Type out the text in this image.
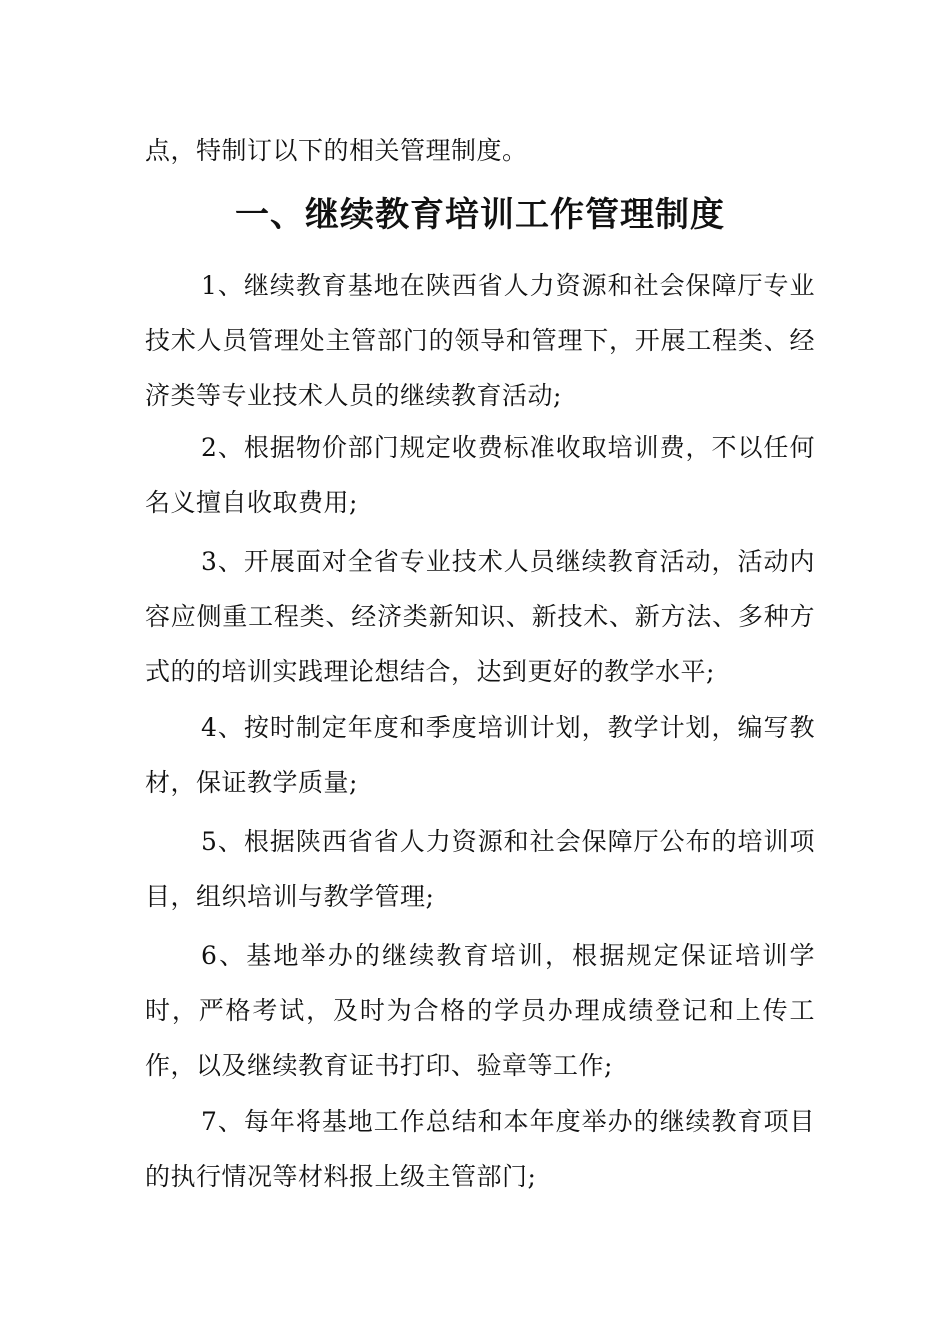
点，特制订以下的相关管理制度。
一、继续教育培训工作管理制度
1、继续教育基地在陕西省人力资源和社会保障厅专业技术人员管理处主管部门的领导和管理下，开展工程类、经济类等专业技术人员的继续教育活动;
2、根据物价部门规定收费标准收取培训费，不以任何名义擅自收取费用;
3、开展面对全省专业技术人员继续教育活动，活动内容应侧重工程类、经济类新知识、新技术、新方法、多种方式的的培训实践理论想结合，达到更好的教学水平;
4、按时制定年度和季度培训计划，教学计划，编写教材，保证教学质量;
5、根据陕西省省人力资源和社会保障厅公布的培训项目，组织培训与教学管理;
6、基地举办的继续教育培训，根据规定保证培训学时，严格考试，及时为合格的学员办理成绩登记和上传工作，以及继续教育证书打印、验章等工作;
7、每年将基地工作总结和本年度举办的继续教育项目的执行情况等材料报上级主管部门;
